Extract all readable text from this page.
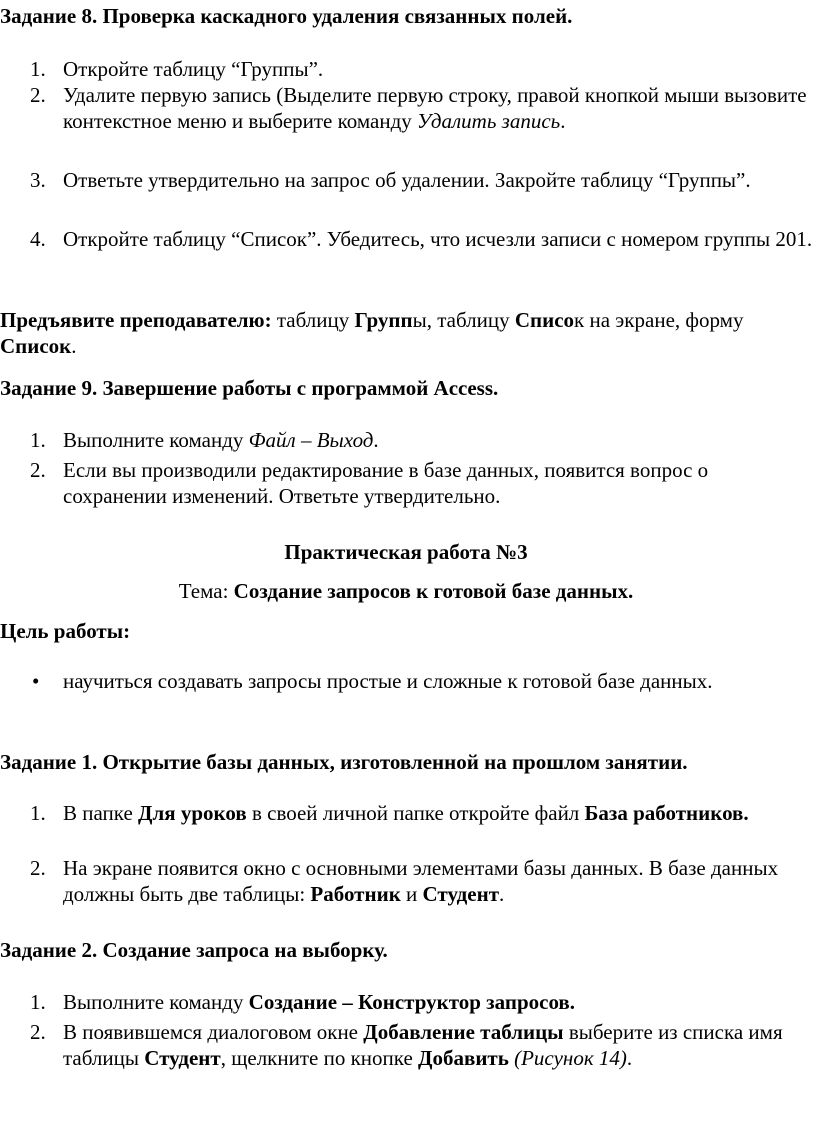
Задание 8. Проверка каскадного удаления связанных полей.
1. Откройте таблицу “Группы”.
2. Удалите первую запись (Выделите первую строку, правой кнопкой мыши вызовите контекстное меню и выберите команду Удалить запись.
3. Ответьте утвердительно на запрос об удалении. Закройте таблицу “Группы”.
4. Откройте таблицу “Список”. Убедитесь, что исчезли записи с номером группы 201.
Предъявите преподавателю: таблицу Группы, таблицу Список на экране, форму Список.
Задание 9. Завершение работы с программой Access.
1. Выполните команду Файл – Выход.
2. Если вы производили редактирование в базе данных, появится вопрос о сохранении изменений. Ответьте утвердительно.
Практическая работа №3
Тема: Создание запросов к готовой базе данных.
Цель работы:
• научиться создавать запросы простые и сложные к готовой базе данных.
Задание 1. Открытие базы данных, изготовленной на прошлом занятии.
1. В папке Для уроков в своей личной папке откройте файл База работников.
2. На экране появится окно с основными элементами базы данных. В базе данных должны быть две таблицы: Работник и Студент.
Задание 2. Создание запроса на выборку.
1. Выполните команду Создание – Конструктор запросов.
2. В появившемся диалоговом окне Добавление таблицы выберите из списка имя таблицы Студент, щелкните по кнопке Добавить (Рисунок 14).
